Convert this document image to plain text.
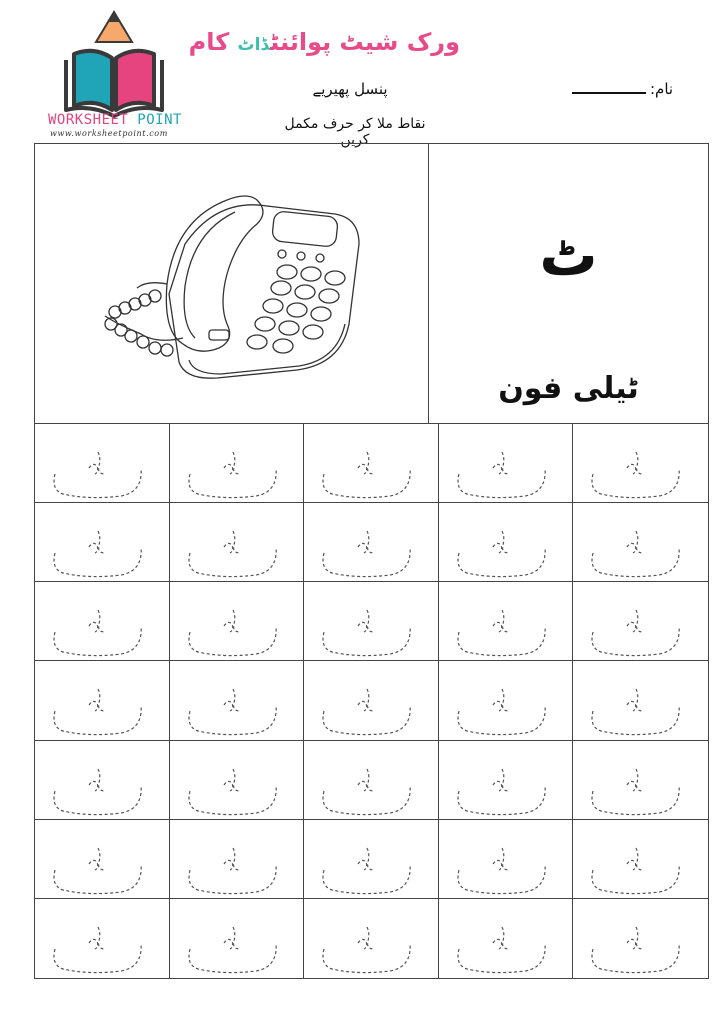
WORKSHEET POINT
www.worksheetpoint.com
ورک شیٹ پوائنٹڈاٹ کام
پنسل پھیریے
نقاط ملا کر حرف مکمل کریں
نام:
ٹ
ٹیلی فون
